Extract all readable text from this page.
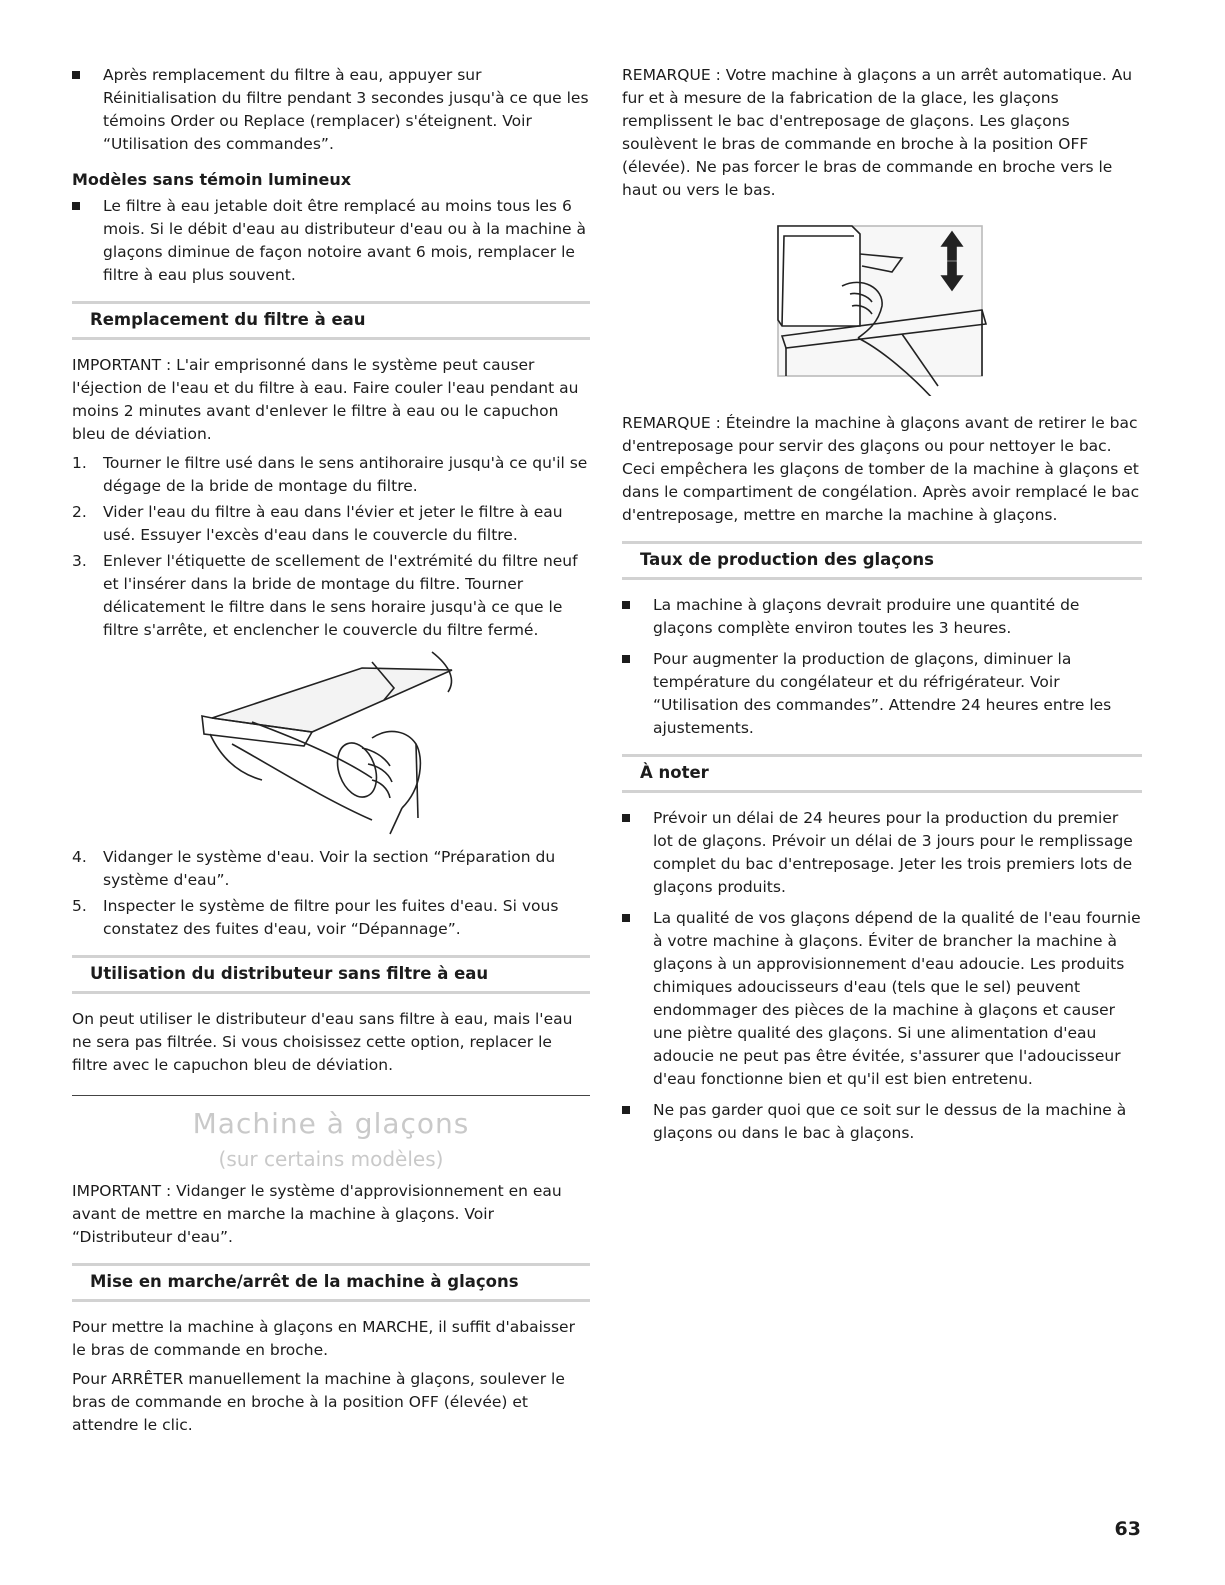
Après remplacement du filtre à eau, appuyer sur Réinitialisation du filtre pendant 3 secondes jusqu'à ce que les témoins Order ou Replace (remplacer) s'éteignent. Voir “Utilisation des commandes”.

Modèles sans témoin lumineux

Le filtre à eau jetable doit être remplacé au moins tous les 6 mois. Si le débit d'eau au distributeur d'eau ou à la machine à glaçons diminue de façon notoire avant 6 mois, remplacer le filtre à eau plus souvent.

Remplacement du filtre à eau

IMPORTANT : L'air emprisonné dans le système peut causer l'éjection de l'eau et du filtre à eau. Faire couler l'eau pendant au moins 2 minutes avant d'enlever le filtre à eau ou le capuchon bleu de déviation.

1. Tourner le filtre usé dans le sens antihoraire jusqu'à ce qu'il se dégage de la bride de montage du filtre.
2. Vider l'eau du filtre à eau dans l'évier et jeter le filtre à eau usé. Essuyer l'excès d'eau dans le couvercle du filtre.
3. Enlever l'étiquette de scellement de l'extrémité du filtre neuf et l'insérer dans la bride de montage du filtre. Tourner délicatement le filtre dans le sens horaire jusqu'à ce que le filtre s'arrête, et enclencher le couvercle du filtre fermé.
4. Vidanger le système d'eau. Voir la section “Préparation du système d'eau”.
5. Inspecter le système de filtre pour les fuites d'eau. Si vous constatez des fuites d'eau, voir “Dépannage”.
Utilisation du distributeur sans filtre à eau

On peut utiliser le distributeur d'eau sans filtre à eau, mais l'eau ne sera pas filtrée. Si vous choisissez cette option, replacer le filtre avec le capuchon bleu de déviation.

Machine à glaçons
(sur certains modèles)

IMPORTANT : Vidanger le système d'approvisionnement en eau avant de mettre en marche la machine à glaçons. Voir “Distributeur d'eau”.

Mise en marche/arrêt de la machine à glaçons

Pour mettre la machine à glaçons en MARCHE, il suffit d'abaisser le bras de commande en broche.

Pour ARRÊTER manuellement la machine à glaçons, soulever le bras de commande en broche à la position OFF (élevée) et attendre le clic.

REMARQUE : Votre machine à glaçons a un arrêt automatique. Au fur et à mesure de la fabrication de la glace, les glaçons remplissent le bac d'entreposage de glaçons. Les glaçons soulèvent le bras de commande en broche à la position OFF (élevée). Ne pas forcer le bras de commande en broche vers le haut ou vers le bas.

REMARQUE : Éteindre la machine à glaçons avant de retirer le bac d'entreposage pour servir des glaçons ou pour nettoyer le bac. Ceci empêchera les glaçons de tomber de la machine à glaçons et dans le compartiment de congélation. Après avoir remplacé le bac d'entreposage, mettre en marche la machine à glaçons.

Taux de production des glaçons

La machine à glaçons devrait produire une quantité de glaçons complète environ toutes les 3 heures.

Pour augmenter la production de glaçons, diminuer la température du congélateur et du réfrigérateur. Voir “Utilisation des commandes”. Attendre 24 heures entre les ajustements.

À noter

Prévoir un délai de 24 heures pour la production du premier lot de glaçons. Prévoir un délai de 3 jours pour le remplissage complet du bac d'entreposage. Jeter les trois premiers lots de glaçons produits.

La qualité de vos glaçons dépend de la qualité de l'eau fournie à votre machine à glaçons. Éviter de brancher la machine à glaçons à un approvisionnement d'eau adoucie. Les produits chimiques adoucisseurs d'eau (tels que le sel) peuvent endommager des pièces de la machine à glaçons et causer une piètre qualité des glaçons. Si une alimentation d'eau adoucie ne peut pas être évitée, s'assurer que l'adoucisseur d'eau fonctionne bien et qu'il est bien entretenu.

Ne pas garder quoi que ce soit sur le dessus de la machine à glaçons ou dans le bac à glaçons.

63
